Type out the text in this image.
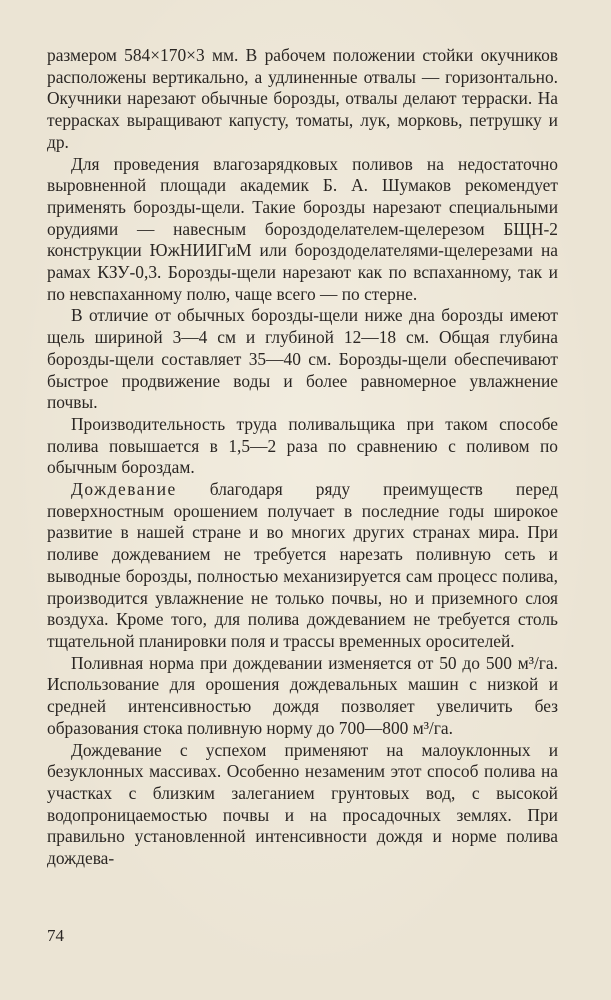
размером 584×170×3 мм. В рабочем положении стойки окучников расположены вертикально, а удлиненные отвалы — горизонтально. Окучники нарезают обычные борозды, отвалы делают терраски. На террасках выращивают капусту, томаты, лук, морковь, петрушку и др.

Для проведения влагозарядковых поливов на недостаточно выровненной площади академик Б. А. Шумаков рекомендует применять борозды-щели. Такие борозды нарезают специальными орудиями — навесным бороздоделателем-щелерезом БЩН-2 конструкции ЮжНИИГиМ или бороздоделателями-щелерезами на рамах КЗУ-0,3. Борозды-щели нарезают как по вспаханному, так и по невспаханному полю, чаще всего — по стерне.

В отличие от обычных борозды-щели ниже дна борозды имеют щель шириной 3—4 см и глубиной 12—18 см. Общая глубина борозды-щели составляет 35—40 см. Борозды-щели обеспечивают быстрое продвижение воды и более равномерное увлажнение почвы.

Производительность труда поливальщика при таком способе полива повышается в 1,5—2 раза по сравнению с поливом по обычным бороздам.

Дождевание благодаря ряду преимуществ перед поверхностным орошением получает в последние годы широкое развитие в нашей стране и во многих других странах мира. При поливе дождеванием не требуется нарезать поливную сеть и выводные борозды, полностью механизируется сам процесс полива, производится увлажнение не только почвы, но и приземного слоя воздуха. Кроме того, для полива дождеванием не требуется столь тщательной планировки поля и трассы временных оросителей.

Поливная норма при дождевании изменяется от 50 до 500 м³/га. Использование для орошения дождевальных машин с низкой и средней интенсивностью дождя позволяет увеличить без образования стока поливную норму до 700—800 м³/га.

Дождевание с успехом применяют на малоуклонных и безуклонных массивах. Особенно незаменим этот способ полива на участках с близким залеганием грунтовых вод, с высокой водопроницаемостью почвы и на просадочных землях. При правильно установленной интенсивности дождя и норме полива дождева-

74
